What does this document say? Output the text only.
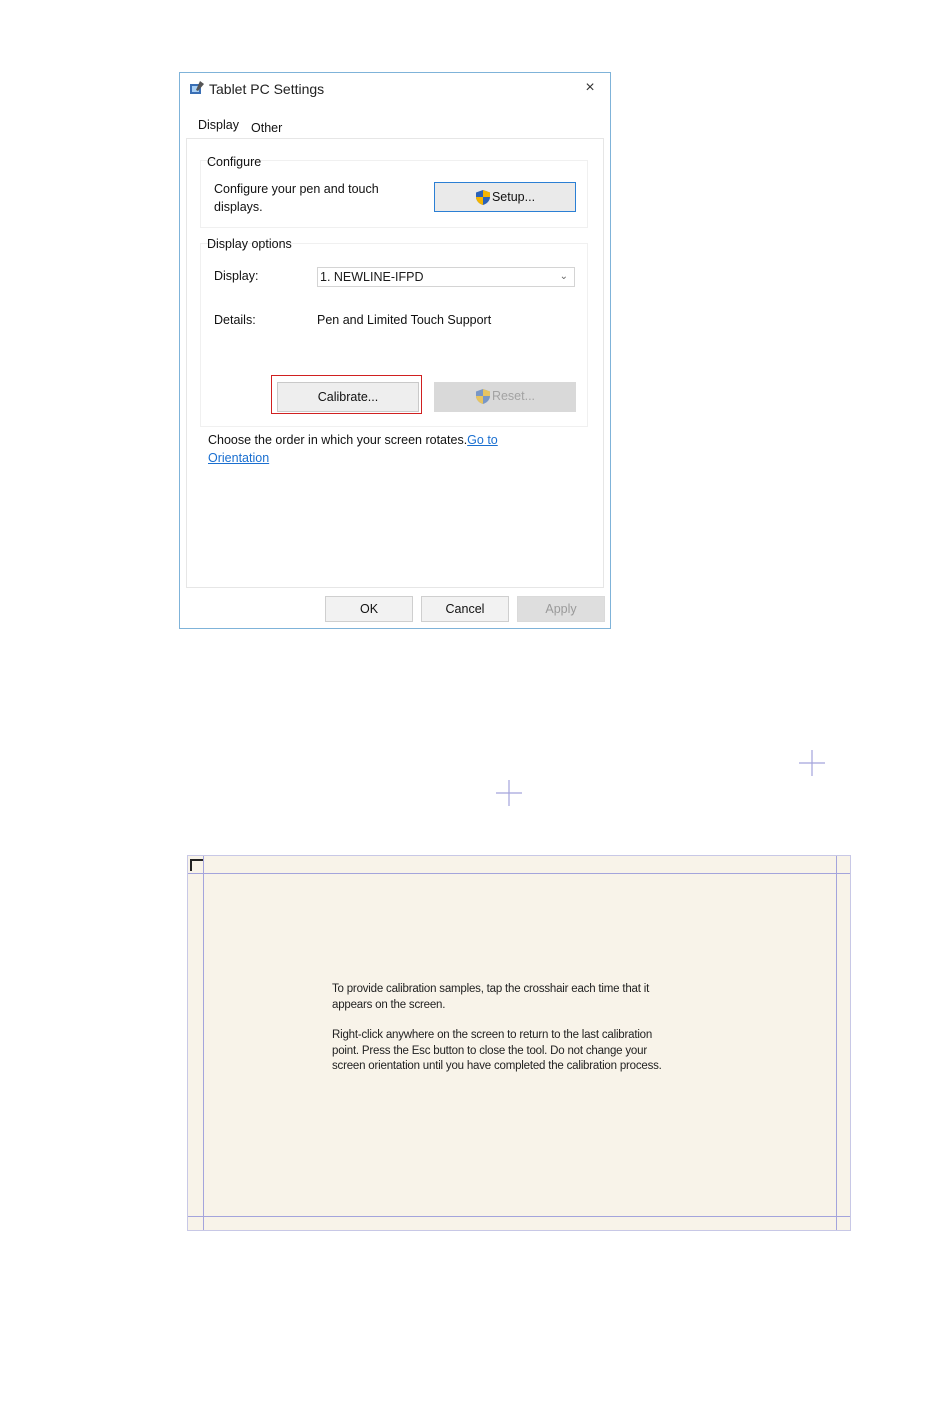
Tablet PC Settings	×
Display Other
Configure
Configure your pen and touch
displays.
Setup...
Display options
Display:	1. NEWLINE-IFPD	⌄
Details:	Pen and Limited Touch Support
Calibrate...	Reset...
Choose the order in which your screen rotates.Go to
Orientation
OK	Cancel	Apply
To provide calibration samples, tap the crosshair each time that it
appears on the screen.
Right-click anywhere on the screen to return to the last calibration
point. Press the Esc button to close the tool. Do not change your
screen orientation until you have completed the calibration process.
